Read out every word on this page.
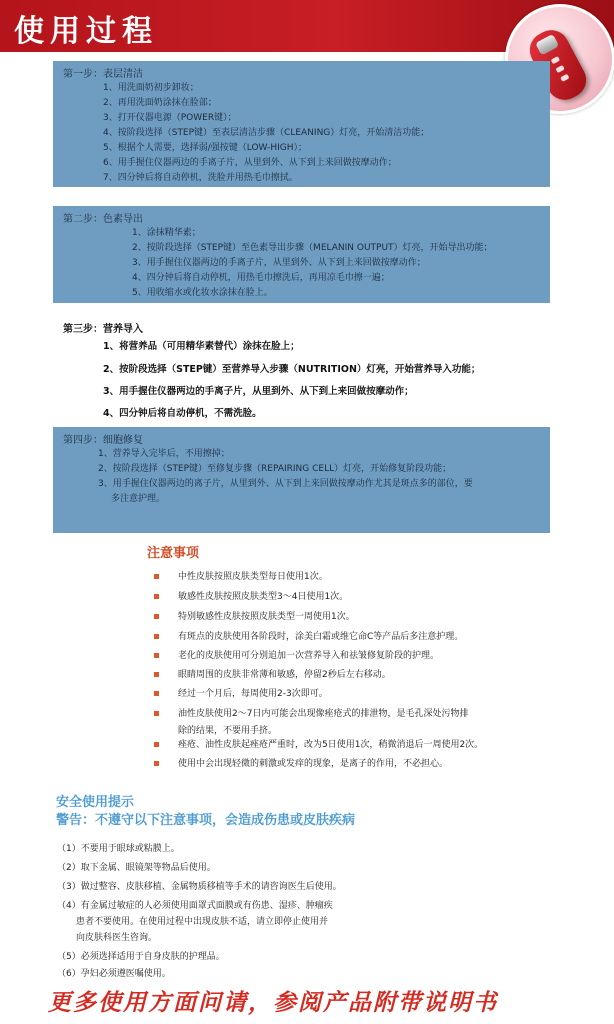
使用过程
第一步：表层清洁
1、用洗面奶初步卸妆；
2、再用洗面奶涂抹在脸部；
3、打开仪器电源（POWER键）；
4、按阶段选择（STEP键）至表层清洁步骤（CLEANING）灯亮，开始清洁功能；
5、根据个人需要，选择弱/强按键（LOW-HIGH）；
6、用手握住仪器两边的手离子片，从里到外、从下到上来回做按摩动作；
7、四分钟后将自动停机，洗脸并用热毛巾擦拭。
第二步：色素导出
1、涂抹精华素；
2、按阶段选择（STEP键）至色素导出步骤（MELANIN OUTPUT）灯亮，开始导出功能；
3、用手握住仪器两边的手离子片，从里到外、从下到上来回做按摩动作；
4、四分钟后将自动停机，用热毛巾擦洗后，再用凉毛巾擦一遍；
5、用收缩水或化妆水涂抹在脸上。
第三步：营养导入
1、将营养品（可用精华素替代）涂抹在脸上；
2、按阶段选择（STEP键）至营养导入步骤（NUTRITION）灯亮，开始营养导入功能；
3、用手握住仪器两边的手离子片，从里到外、从下到上来回做按摩动作；
4、四分钟后将自动停机，不需洗脸。
第四步：细胞修复
1、营养导入完毕后，不用擦掉；
2、按阶段选择（STEP键）至修复步骤（REPAIRING CELL）灯亮，开始修复阶段功能；
3、用手握住仪器两边的离子片，从里到外、从下到上来回做按摩动作尤其是斑点多的部位，要
多注意护理。
注意事项
中性皮肤按照皮肤类型每日使用1次。
敏感性皮肤按照皮肤类型3～4日使用1次。
特别敏感性皮肤按照皮肤类型一周使用1次。
有斑点的皮肤使用各阶段时，涂美白霜或维它命C等产品后多注意护理。
老化的皮肤使用可分别追加一次营养导入和祛皱修复阶段的护理。
眼睛周围的皮肤非常薄和敏感，停留2秒后左右移动。
经过一个月后，每周使用2-3次即可。
油性皮肤使用2～7日内可能会出现像痤疮式的排泄物，是毛孔深处污物排
除的结果，不要用手挤。
痤疮、油性皮肤起痤疮严重时，改为5日使用1次，稍微消退后一周使用2次。
使用中会出现轻微的刺激或发痒的现象，是离子的作用，不必担心。
安全使用提示
警告：不遵守以下注意事项，会造成伤患或皮肤疾病
（1）不要用于眼球或粘膜上。
（2）取下金属、眼镜架等物品后使用。
（3）做过整容、皮肤移植、金属物质移植等手术的请咨询医生后使用。
（4）有金属过敏症的人必须使用面罩式面膜或有伤患、湿疹、肿瘤疾
患者不要使用。在使用过程中出现皮肤不适，请立即停止使用并
向皮肤科医生咨询。
（5）必须选择适用于自身皮肤的护理品。
（6）孕妇必须遵医嘱使用。
更多使用方面问请，参阅产品附带说明书
